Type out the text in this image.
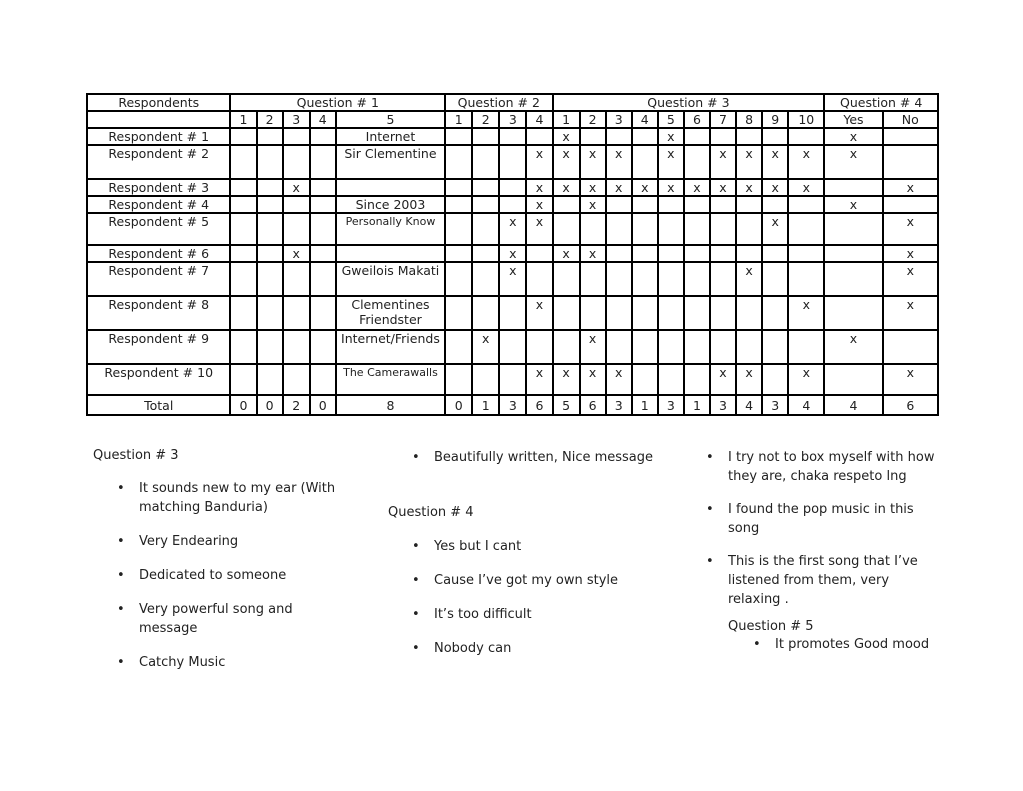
Respondents	Question # 1					Question # 2				Question # 3										Question # 4	
	1	2	3	4	5	1	2	3	4	1	2	3	4	5	6	7	8	9	10	Yes	No
Respondent # 1					Internet					x				x						x	
Respondent # 2					Sir Clementine				x	x	x	x		x		x	x	x	x	x	
Respondent # 3			x						x	x	x	x	x	x	x	x	x	x	x		x
Respondent # 4					Since 2003				x		x									x	
Respondent # 5					Personally Know			x	x									x			x
Respondent # 6			x					x		x	x										x
Respondent # 7					Gweilois Makati			x									x				x
Respondent # 8					Clementines Friendster				x										x		x
Respondent # 9					Internet/Friends		x				x									x	
Respondent # 10					The Camerawalls				x	x	x	x				x	x		x		x
Total	0	0	2	0	8	0	1	3	6	5	6	3	1	3	1	3	4	3	4	4	6

Question # 3

• It sounds new to my ear (With matching Banduria)
• Very Endearing
• Dedicated to someone
• Very powerful song and message
• Catchy Music
• Beautifully written, Nice message

Question # 4

• Yes but I cant
• Cause I’ve got my own style
• It’s too difficult
• Nobody can
• I try not to box myself with how they are, chaka respeto lng
• I found the pop music in this song
• This is the first song that I’ve listened from them, very relaxing .

Question # 5

• It promotes Good mood
